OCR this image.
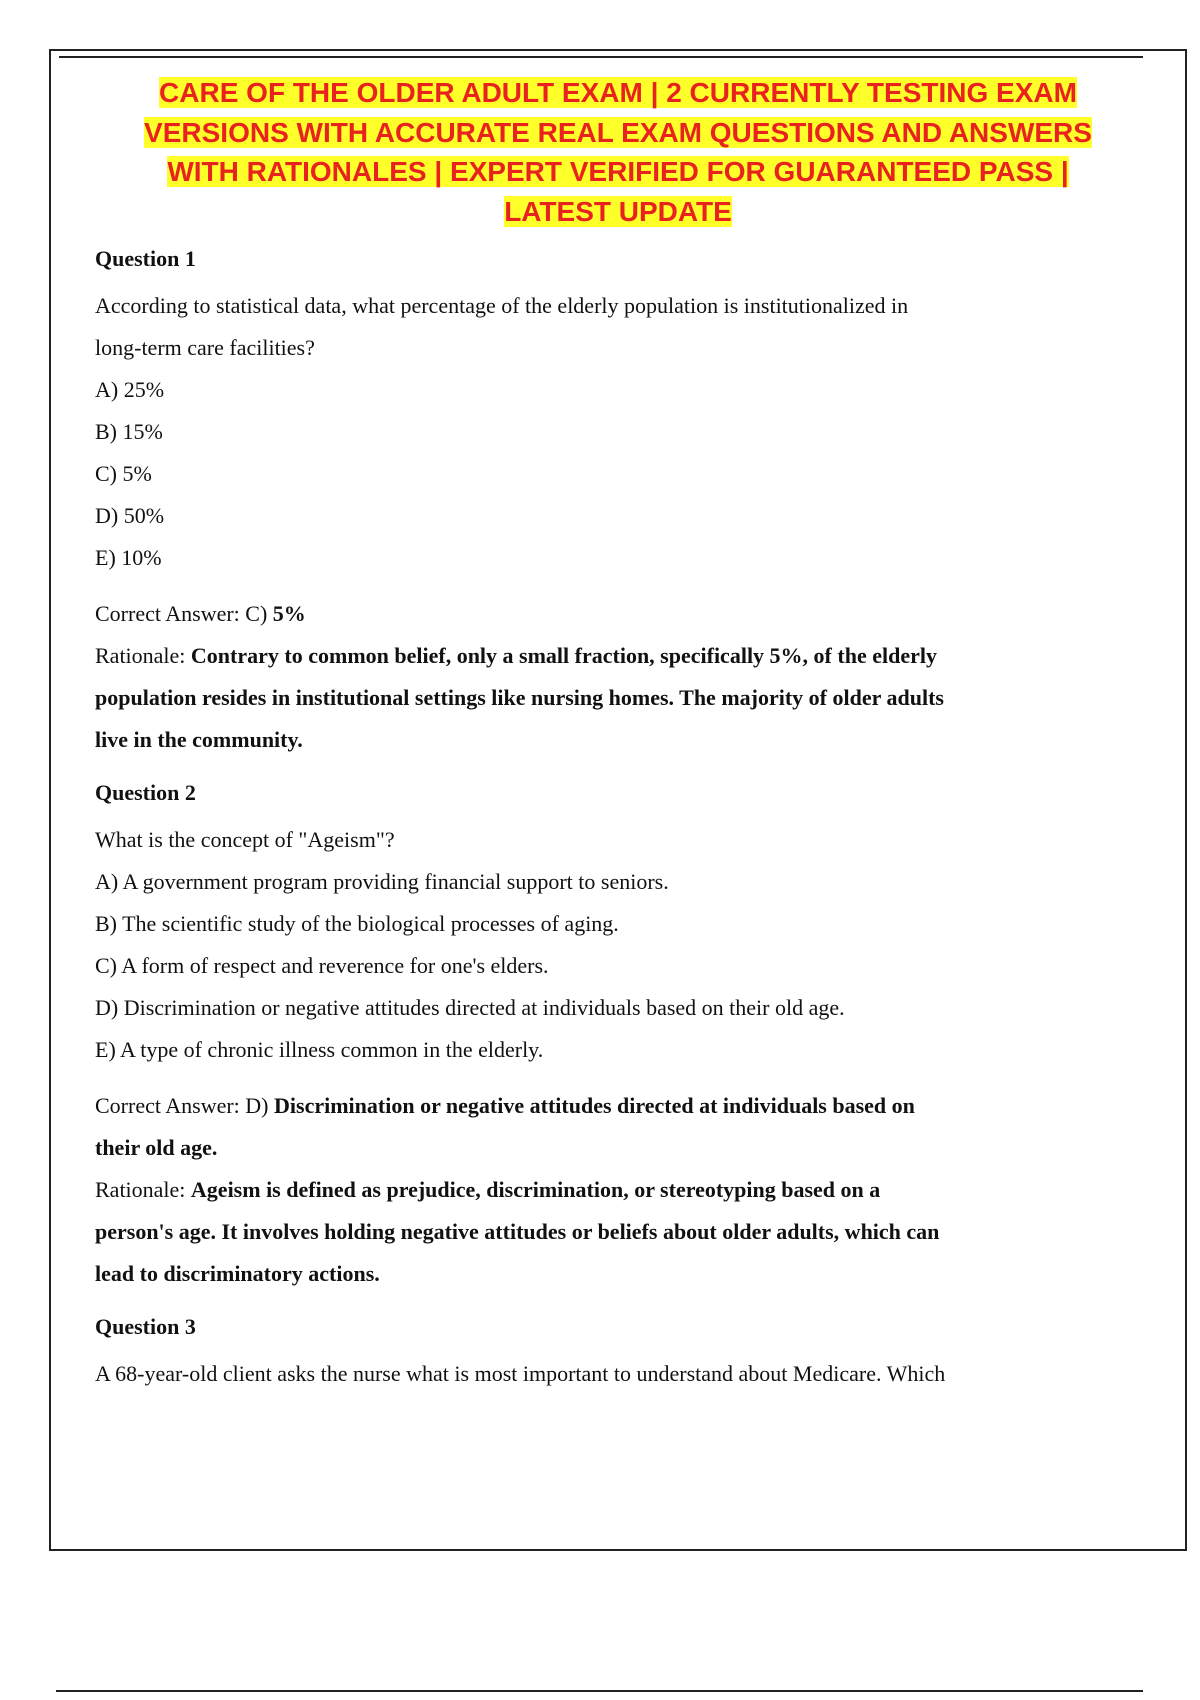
CARE OF THE OLDER ADULT EXAM | 2 CURRENTLY TESTING EXAM
VERSIONS WITH ACCURATE REAL EXAM QUESTIONS AND ANSWERS
WITH RATIONALES | EXPERT VERIFIED FOR GUARANTEED PASS |
LATEST UPDATE

Question 1

According to statistical data, what percentage of the elderly population is institutionalized in

long-term care facilities?

A) 25%

B) 15%

C) 5%

D) 50%

E) 10%

Correct Answer: C) 5%

Rationale: Contrary to common belief, only a small fraction, specifically 5%, of the elderly

population resides in institutional settings like nursing homes. The majority of older adults

live in the community.

Question 2

What is the concept of "Ageism"?

A) A government program providing financial support to seniors.

B) The scientific study of the biological processes of aging.

C) A form of respect and reverence for one's elders.

D) Discrimination or negative attitudes directed at individuals based on their old age.

E) A type of chronic illness common in the elderly.

Correct Answer: D) Discrimination or negative attitudes directed at individuals based on

their old age.

Rationale: Ageism is defined as prejudice, discrimination, or stereotyping based on a

person's age. It involves holding negative attitudes or beliefs about older adults, which can

lead to discriminatory actions.

Question 3

A 68-year-old client asks the nurse what is most important to understand about Medicare. Which
